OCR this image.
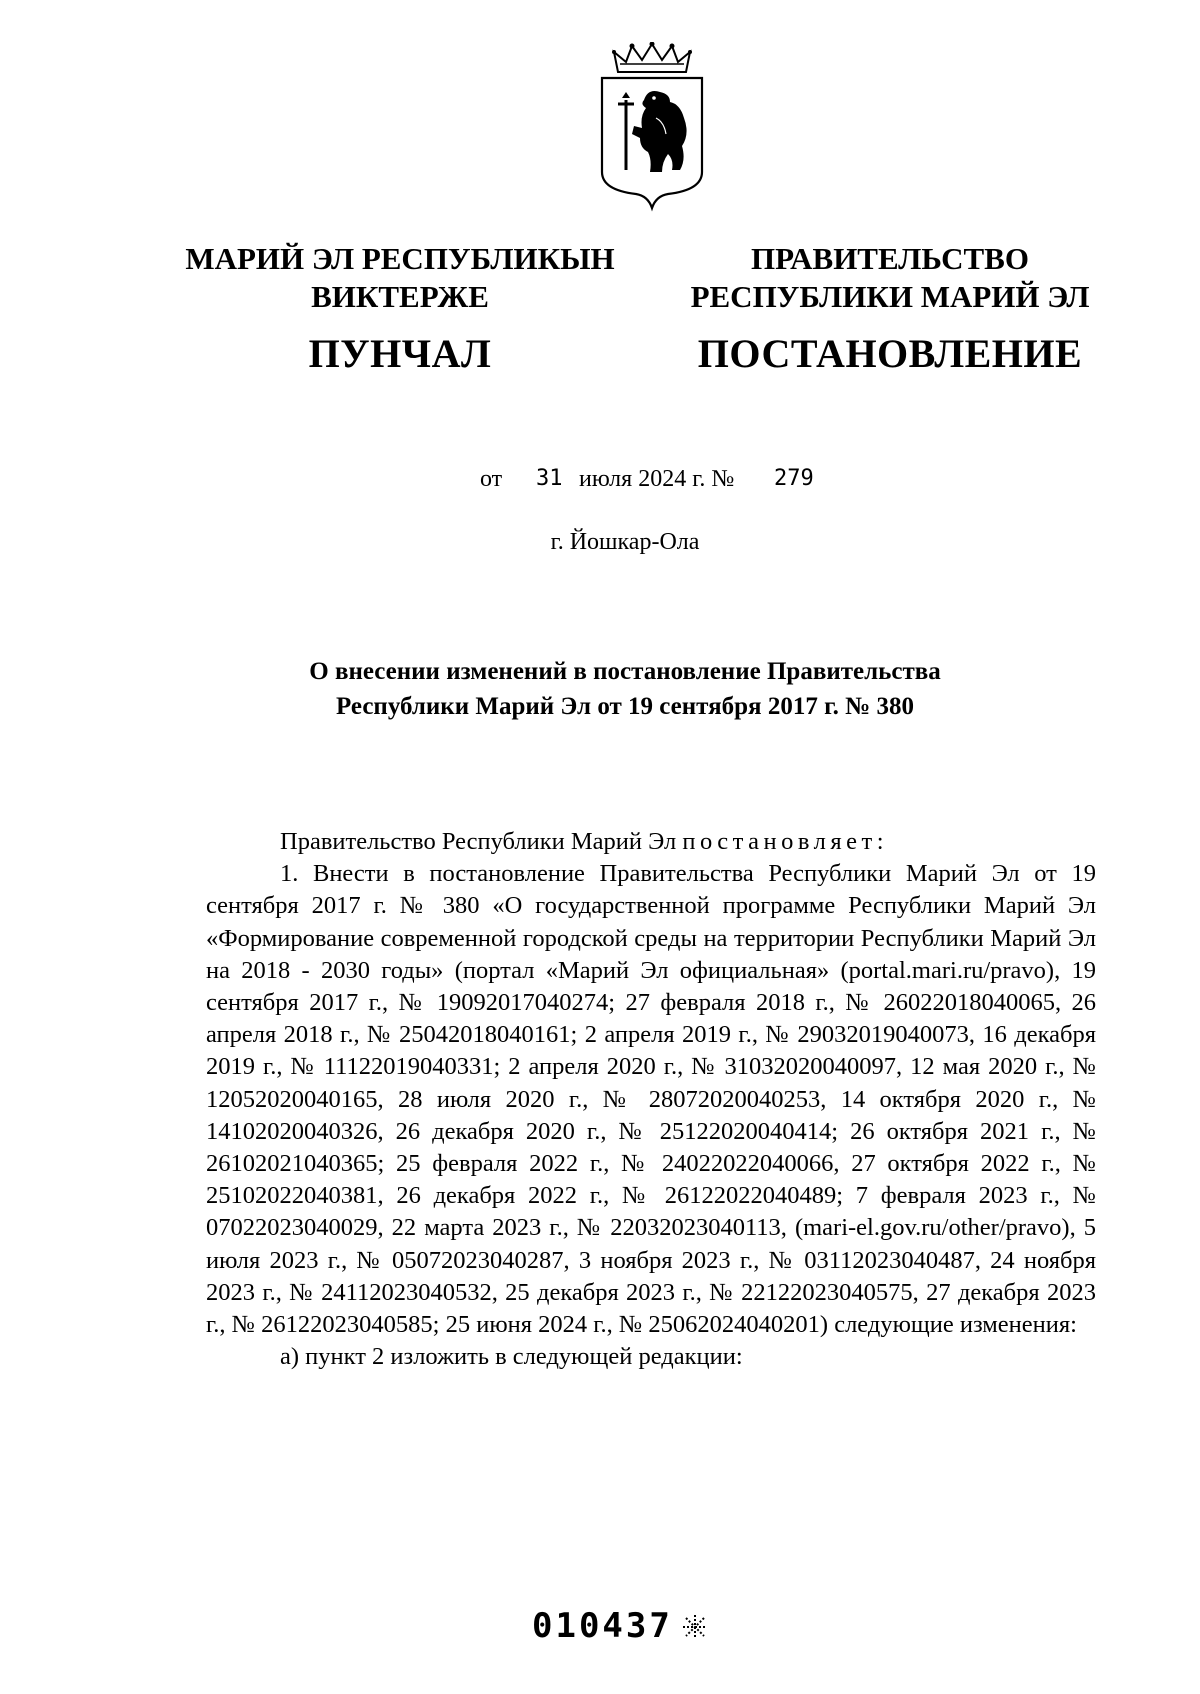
МАРИЙ ЭЛ РЕСПУБЛИКЫН
ВИКТЕРЖЕ
ПУНЧАЛ
ПРАВИТЕЛЬСТВО
РЕСПУБЛИКИ МАРИЙ ЭЛ
ПОСТАНОВЛЕНИЕ
от 31 июля 2024 г. № 279
г. Йошкар-Ола
О внесении изменений в постановление Правительства
Республики Марий Эл от 19 сентября 2017 г. № 380

Правительство Республики Марий Эл постановляет:

1. Внести в постановление Правительства Республики Марий Эл от 19 сентября 2017 г. № 380 «О государственной программе Республики Марий Эл «Формирование современной городской среды на территории Республики Марий Эл на 2018 - 2030 годы» (портал «Марий Эл официальная» (portal.mari.ru/pravo), 19 сентября 2017 г., № 19092017040274; 27 февраля 2018 г., № 26022018040065, 26 апреля 2018 г., № 25042018040161; 2 апреля 2019 г., № 29032019040073, 16 декабря 2019 г., № 11122019040331; 2 апреля 2020 г., № 31032020040097, 12 мая 2020 г., № 12052020040165, 28 июля 2020 г., № 28072020040253, 14 октября 2020 г., № 14102020040326, 26 декабря 2020 г., № 25122020040414; 26 октября 2021 г., № 26102021040365; 25 февраля 2022 г., № 24022022040066, 27 октября 2022 г., № 25102022040381, 26 декабря 2022 г., № 26122022040489; 7 февраля 2023 г., № 07022023040029, 22 марта 2023 г., № 22032023040113, (mari-el.gov.ru/other/pravo), 5 июля 2023 г., № 05072023040287, 3 ноября 2023 г., № 03112023040487, 24 ноября 2023 г., № 24112023040532, 25 декабря 2023 г., № 22122023040575, 27 декабря 2023 г., № 26122023040585; 25 июня 2024 г., № 25062024040201) следующие изменения:

а) пункт 2 изложить в следующей редакции:

010437
